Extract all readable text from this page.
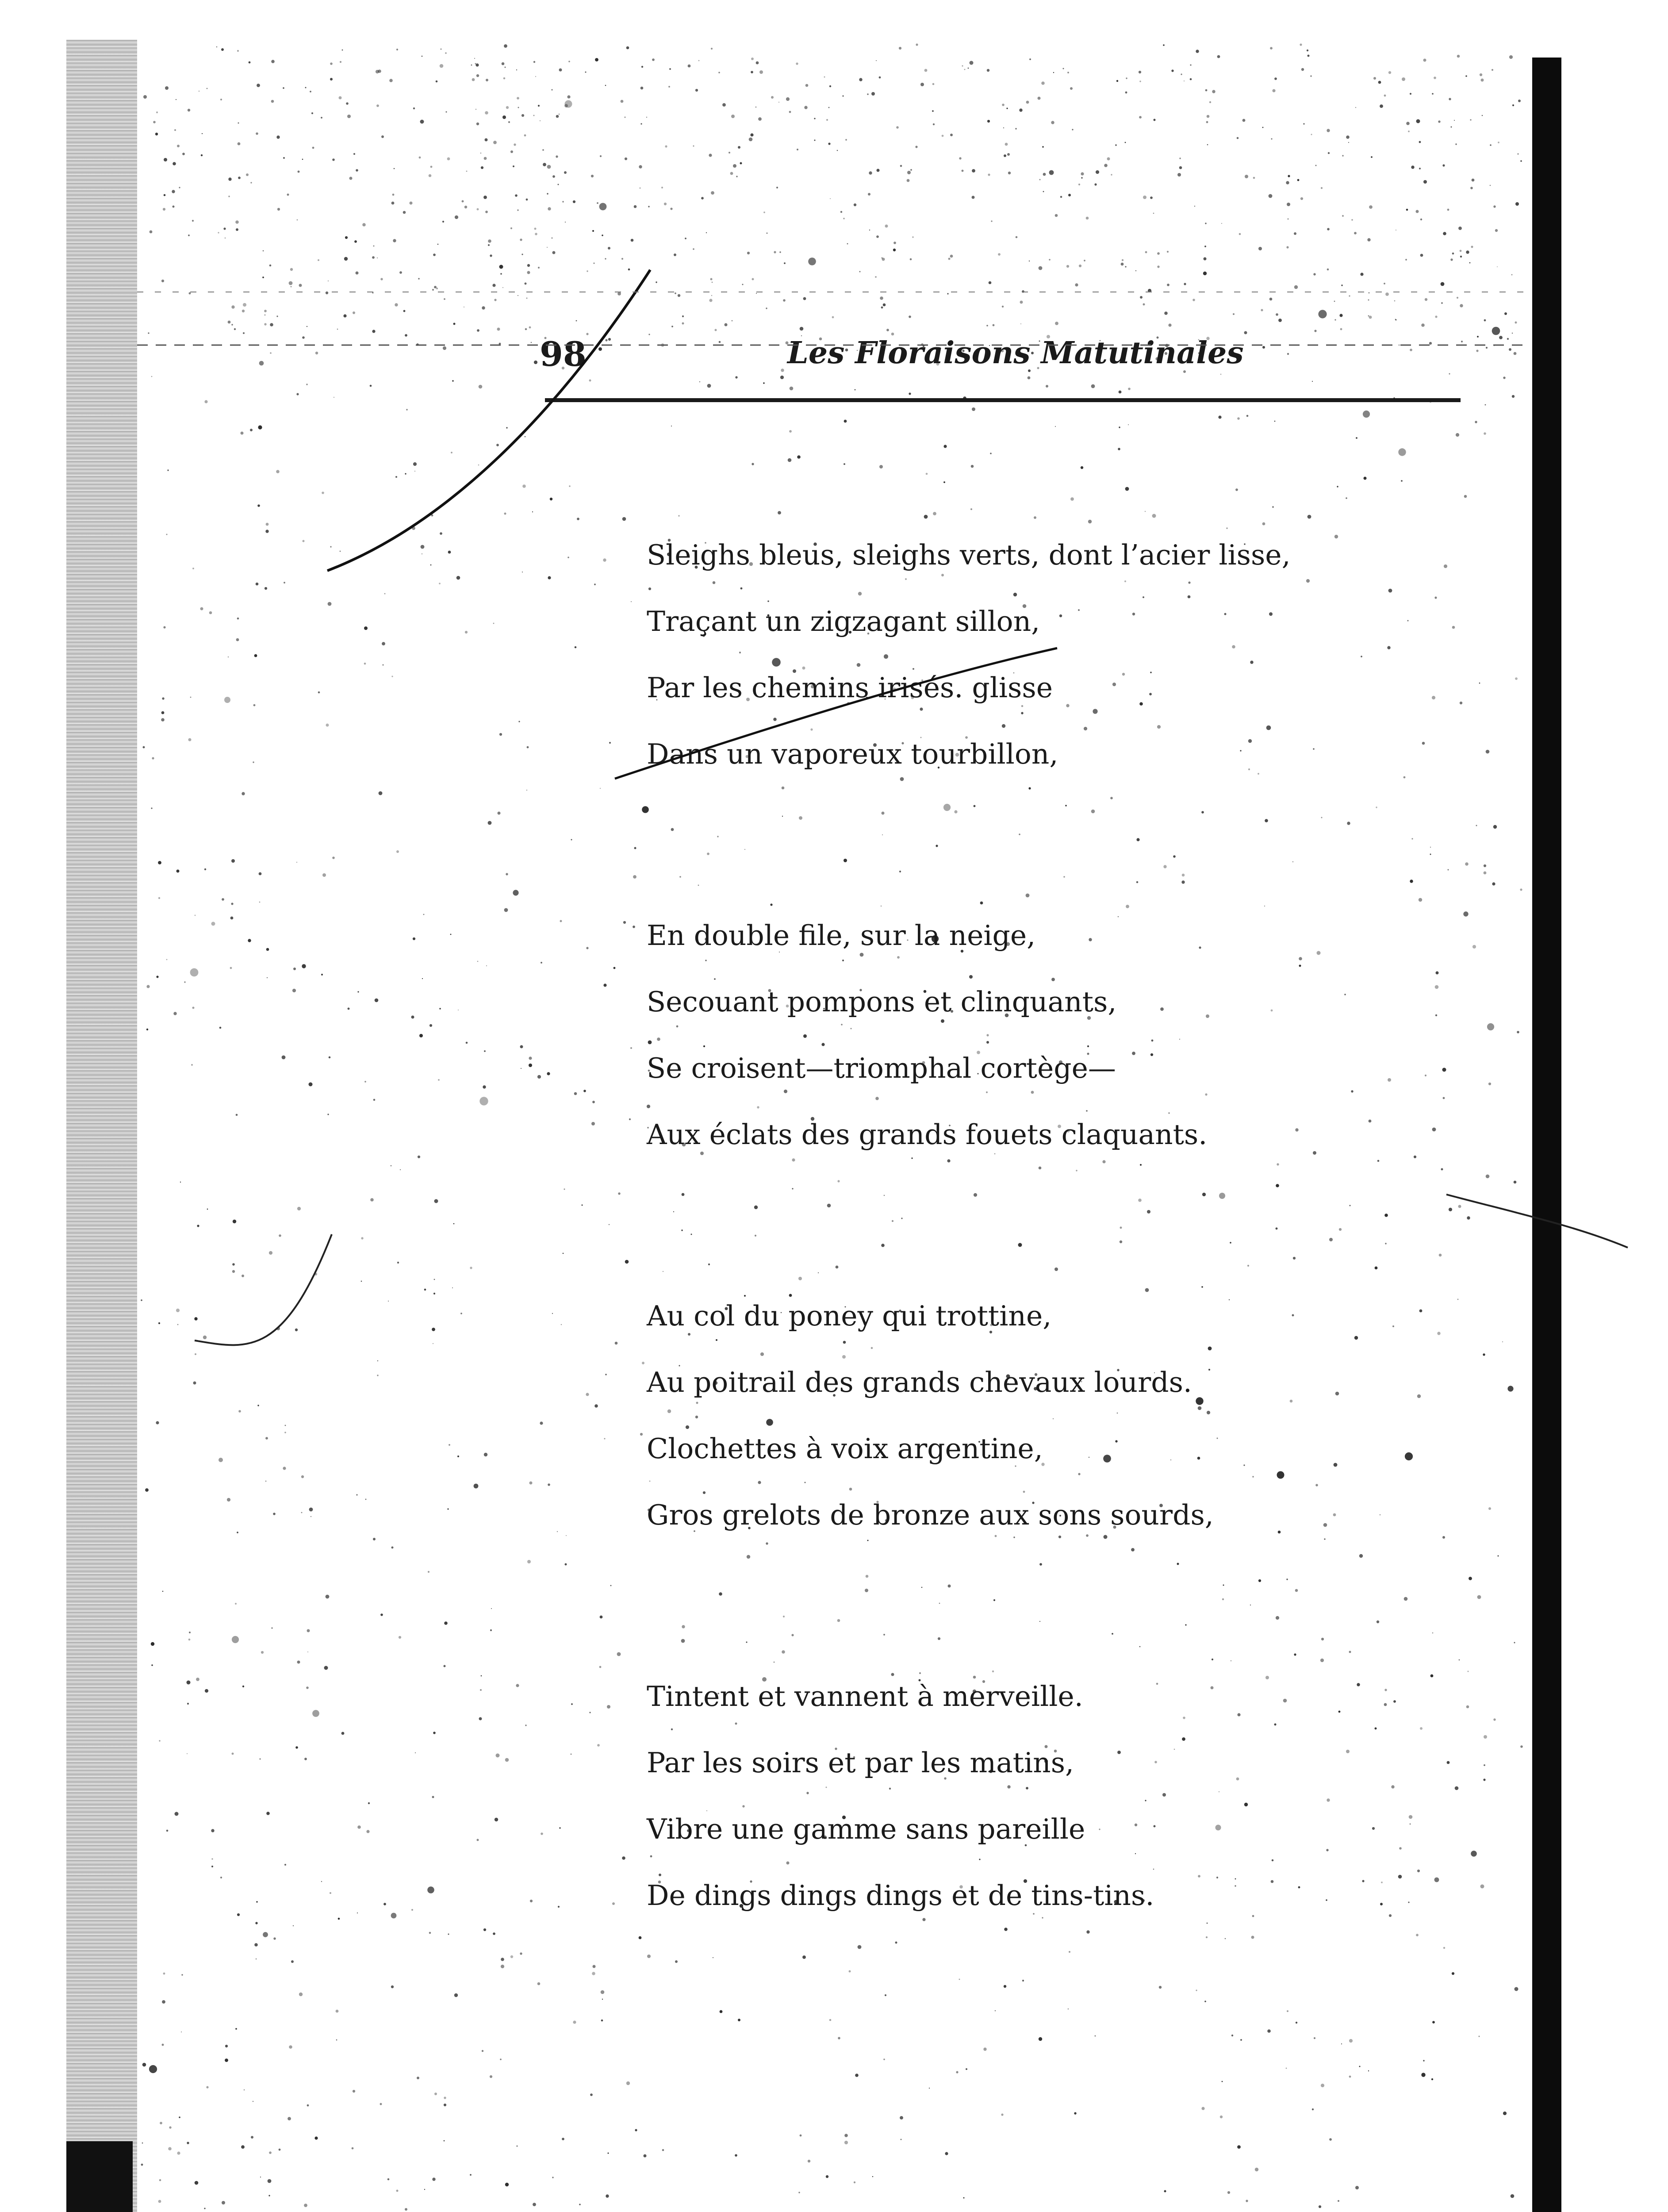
98	Les Floraisons Matutinales
Sleighs bleus, sleighs verts, dont l’acier lisse,
Traçant un zigzagant sillon,
Par les chemins irisés. glisse
Dans un vaporeux tourbillon,
En double file, sur la neige,
Secouant pompons et clinquants,
Se croisent—triomphal cortège—
Aux éclats des grands fouets claquants.
Au col du poney qui trottine,
Au poitrail des grands chevaux lourds.
Clochettes à voix argentine,
Gros grelots de bronze aux sons sourds,
Tintent et vannent à merveille.
Par les soirs et par les matins,
Vibre une gamme sans pareille
De dings dings dings et de tins-tins.
